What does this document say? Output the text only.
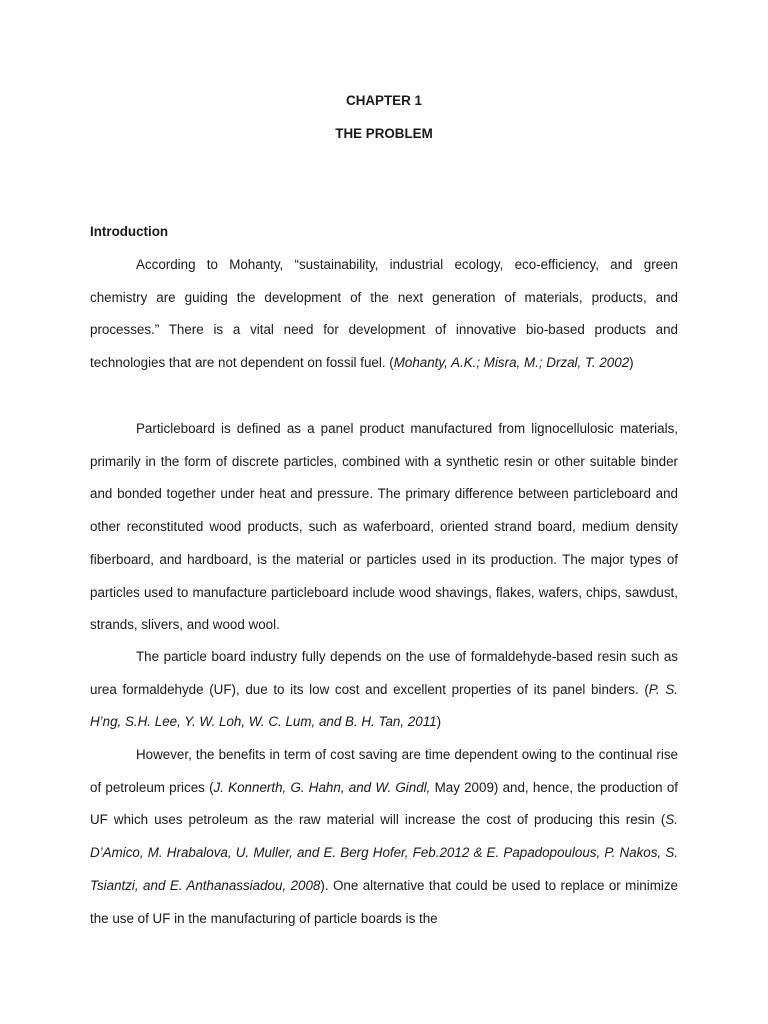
CHAPTER 1
THE PROBLEM
Introduction

According to Mohanty, “sustainability, industrial ecology, eco-efficiency, and green chemistry are guiding the development of the next generation of materials, products, and processes.” There is a vital need for development of innovative bio-based products and technologies that are not dependent on fossil fuel. (Mohanty, A.K.; Misra, M.; Drzal, T. 2002)

Particleboard is defined as a panel product manufactured from lignocellulosic materials, primarily in the form of discrete particles, combined with a synthetic resin or other suitable binder and bonded together under heat and pressure. The primary difference between particleboard and other reconstituted wood products, such as waferboard, oriented strand board, medium density fiberboard, and hardboard, is the material or particles used in its production. The major types of particles used to manufacture particleboard include wood shavings, flakes, wafers, chips, sawdust, strands, slivers, and wood wool.

The particle board industry fully depends on the use of formaldehyde-based resin such as urea formaldehyde (UF), due to its low cost and excellent properties of its panel binders. (P. S. H’ng, S.H. Lee, Y. W. Loh, W. C. Lum, and B. H. Tan, 2011)

However, the benefits in term of cost saving are time dependent owing to the continual rise of petroleum prices (J. Konnerth, G. Hahn, and W. Gindl, May 2009) and, hence, the production of UF which uses petroleum as the raw material will increase the cost of producing this resin (S. D’Amico, M. Hrabalova, U. Muller, and E. Berg Hofer, Feb.2012 & E. Papadopoulous, P. Nakos, S. Tsiantzi, and E. Anthanassiadou, 2008). One alternative that could be used to replace or minimize the use of UF in the manufacturing of particle boards is the
